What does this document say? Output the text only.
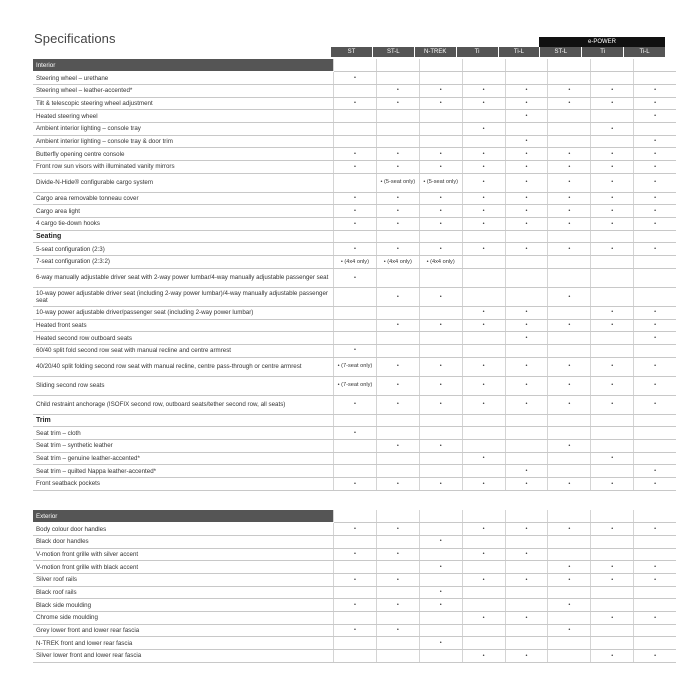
Specifications	e-POWER
ST	ST-L	N-TREK	Ti	Ti-L	ST-L	Ti	Ti-L
Interior								
Steering wheel – urethane	•							
Steering wheel – leather-accented*		•	•	•	•	•	•	•
Tilt & telescopic steering wheel adjustment	•	•	•	•	•	•	•	•
Heated steering wheel					•			•
Ambient interior lighting – console tray				•			•	
Ambient interior lighting – console tray & door trim					•			•
Butterfly opening centre console	•	•	•	•	•	•	•	•
Front row sun visors with illuminated vanity mirrors	•	•	•	•	•	•	•	•
Divide-N-Hide® configurable cargo system		• (5-seat only)	• (5-seat only)	•	•	•	•	•
Cargo area removable tonneau cover	•	•	•	•	•	•	•	•
Cargo area light	•	•	•	•	•	•	•	•
4 cargo tie-down hooks	•	•	•	•	•	•	•	•
Seating								
5-seat configuration (2:3)	•	•	•	•	•	•	•	•
7-seat configuration (2:3:2)	• (4x4 only)	• (4x4 only)	• (4x4 only)					
6-way manually adjustable driver seat with 2-way power lumbar/4-way manually adjustable passenger seat	•							
10-way power adjustable driver seat (including 2-way power lumbar)/4-way manually adjustable passenger seat		•	•			•		
10-way power adjustable driver/passenger seat (including 2-way power lumbar)				•	•		•	•
Heated front seats		•	•	•	•	•	•	•
Heated second row outboard seats					•			•
60/40 split fold second row seat with manual recline and centre armrest	•							
40/20/40 split folding second row seat with manual recline, centre pass-through or centre armrest	• (7-seat only)	•	•	•	•	•	•	•
Sliding second row seats	• (7-seat only)	•	•	•	•	•	•	•
Child restraint anchorage (ISOFIX second row, outboard seats/tether second row, all seats)	•	•	•	•	•	•	•	•
Trim								
Seat trim – cloth	•							
Seat trim – synthetic leather		•	•			•		
Seat trim – genuine leather-accented*				•			•	
Seat trim – quilted Nappa leather-accented*					•			•
Front seatback pockets	•	•	•	•	•	•	•	•
Exterior								
Body colour door handles	•	•		•	•	•	•	•
Black door handles			•					
V-motion front grille with silver accent	•	•		•	•			
V-motion front grille with black accent			•			•	•	•
Silver roof rails	•	•		•	•	•	•	•
Black roof rails			•					
Black side moulding	•	•	•			•		
Chrome side moulding				•	•		•	•
Grey lower front and lower rear fascia	•	•				•		
N-TREK front and lower rear fascia			•					
Silver lower front and lower rear fascia				•	•		•	•
